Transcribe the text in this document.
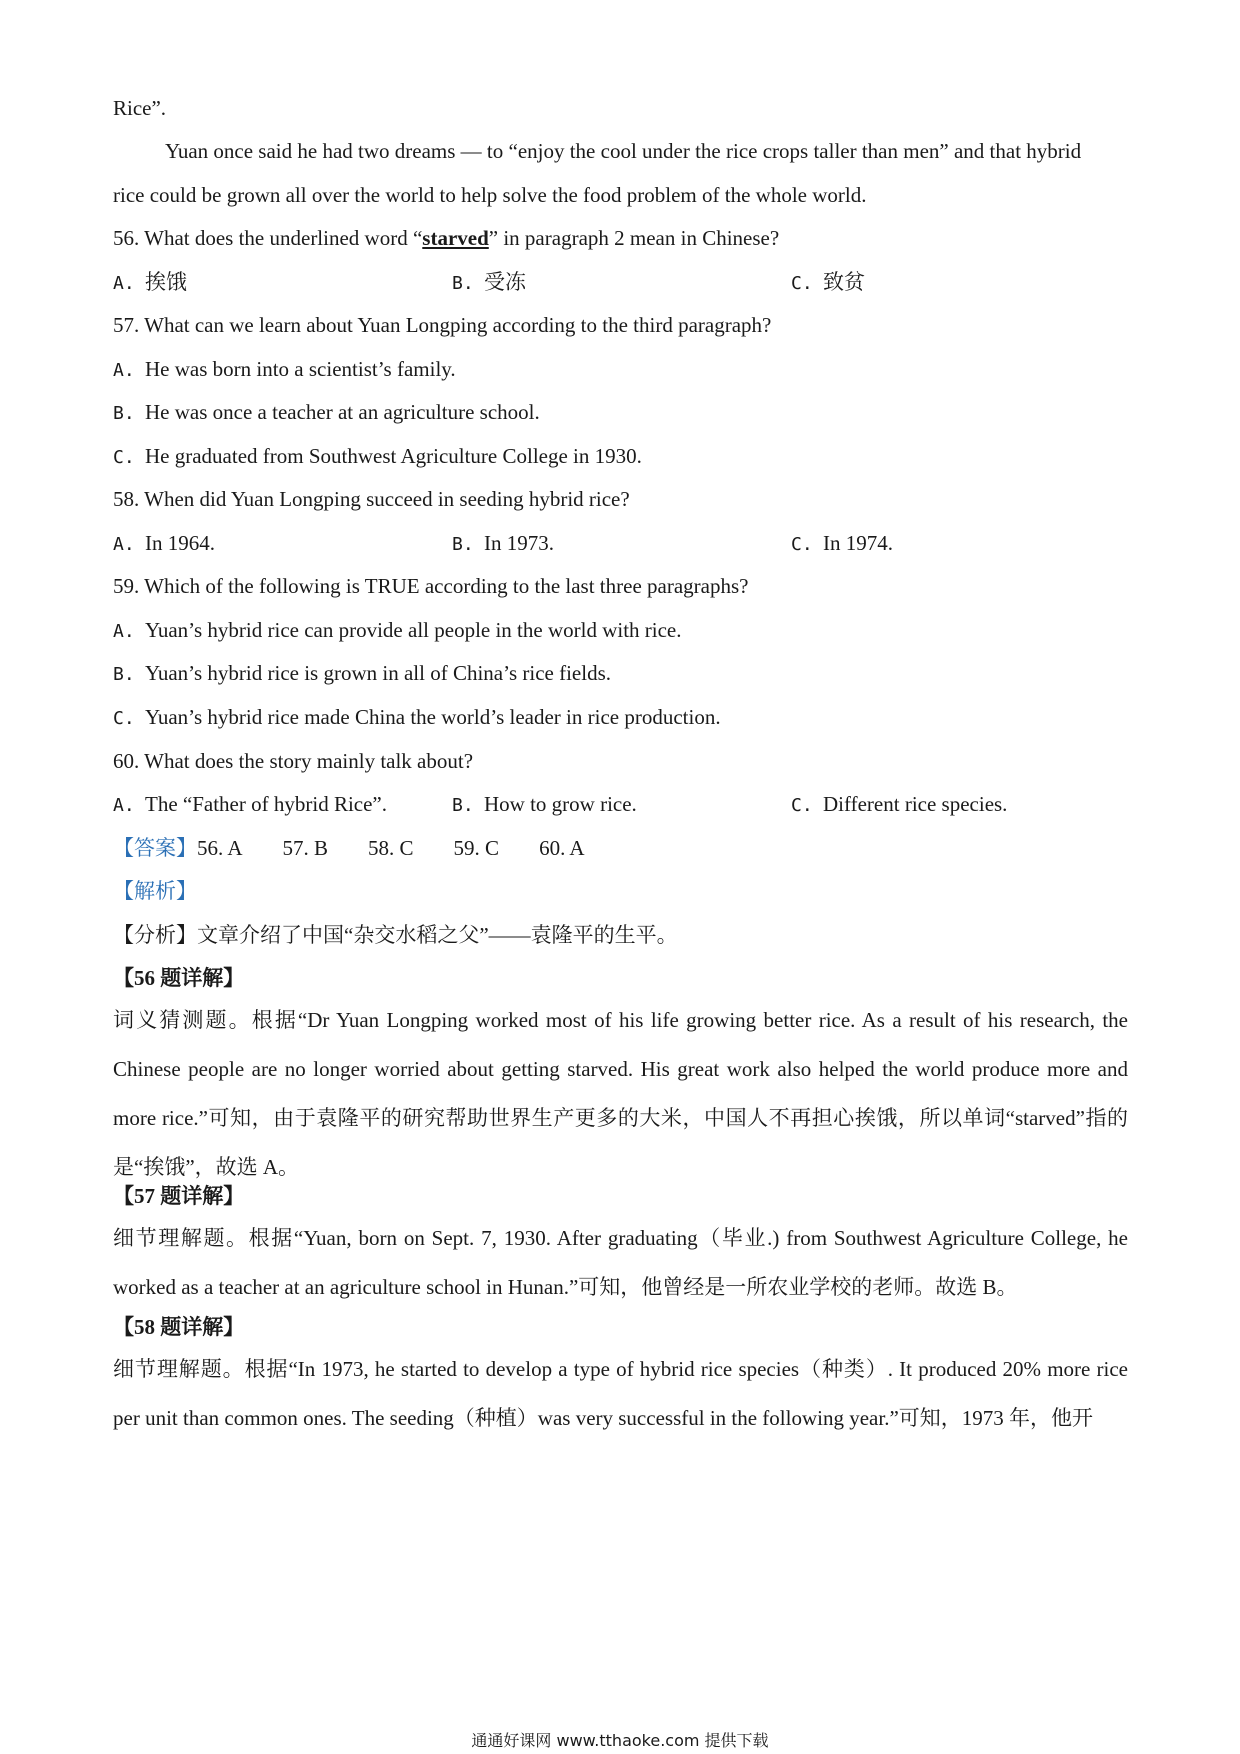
Rice”.
Yuan once said he had two dreams — to “enjoy the cool under the rice crops taller than men” and that hybrid
rice could be grown all over the world to help solve the food problem of the whole world.
56. What does the underlined word “starved” in paragraph 2 mean in Chinese?
A. 挨饿	B. 受冻	C. 致贫
57. What can we learn about Yuan Longping according to the third paragraph?
A. He was born into a scientist’s family.
B. He was once a teacher at an agriculture school.
C. He graduated from Southwest Agriculture College in 1930.
58. When did Yuan Longping succeed in seeding hybrid rice?
A. In 1964.	B. In 1973.	C. In 1974.
59. Which of the following is TRUE according to the last three paragraphs?
A. Yuan’s hybrid rice can provide all people in the world with rice.
B. Yuan’s hybrid rice is grown in all of China’s rice fields.
C. Yuan’s hybrid rice made China the world’s leader in rice production.
60. What does the story mainly talk about?
A. The “Father of hybrid Rice”.	B. How to grow rice.	C. Different rice species.
【答案】56. A 57. B 58. C 59. C 60. A
【解析】
【分析】文章介绍了中国“杂交水稻之父”——袁隆平的生平。
【56 题详解】
词义猜测题。根据“Dr Yuan Longping worked most of his life growing better rice. As a result of his research, the Chinese people are no longer worried about getting starved. His great work also helped the world produce more and more rice.”可知，由于袁隆平的研究帮助世界生产更多的大米，中国人不再担心挨饿，所以单词“starved”指的是“挨饿”，故选 A。
【57 题详解】
细节理解题。根据“Yuan, born on Sept. 7, 1930. After graduating（毕业.) from Southwest Agriculture College, he worked as a teacher at an agriculture school in Hunan.”可知，他曾经是一所农业学校的老师。故选 B。
【58 题详解】
细节理解题。根据“In 1973, he started to develop a type of hybrid rice species（种类）. It produced 20% more rice per unit than common ones. The seeding（种植）was very successful in the following year.”可知，1973 年，他开
通通好课网 www.tthaoke.com 提供下载
